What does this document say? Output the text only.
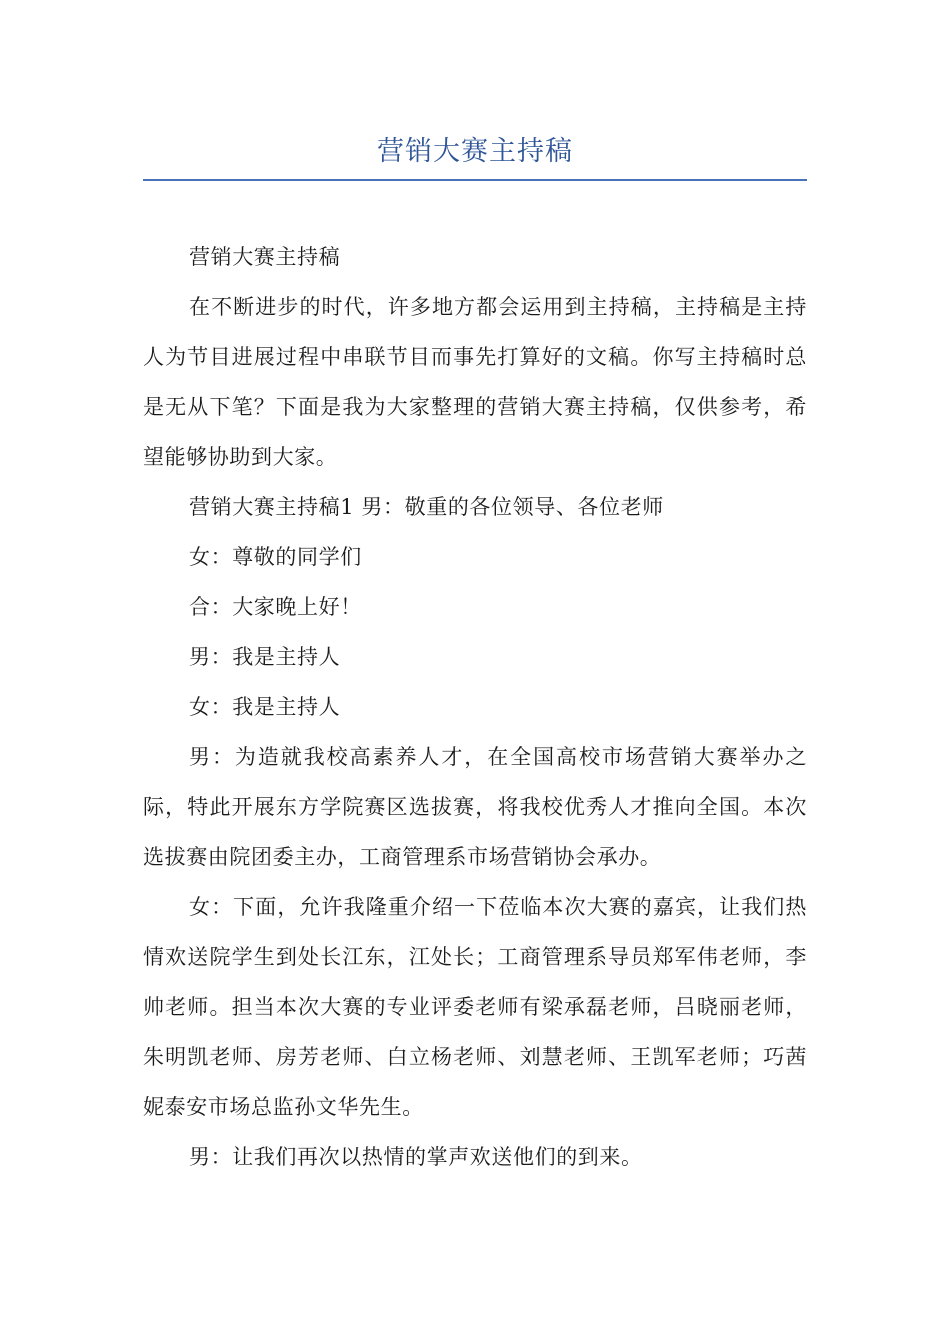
营销大赛主持稿

营销大赛主持稿

在不断进步的时代，许多地方都会运用到主持稿，主持稿是主持人为节目进展过程中串联节目而事先打算好的文稿。你写主持稿时总是无从下笔？下面是我为大家整理的营销大赛主持稿，仅供参考，希望能够协助到大家。

营销大赛主持稿1 男：敬重的各位领导、各位老师

女：尊敬的同学们

合：大家晚上好！

男：我是主持人

女：我是主持人

男：为造就我校高素养人才，在全国高校市场营销大赛举办之际，特此开展东方学院赛区选拔赛，将我校优秀人才推向全国。本次选拔赛由院团委主办，工商管理系市场营销协会承办。

女：下面，允许我隆重介绍一下莅临本次大赛的嘉宾，让我们热情欢送院学生到处长江东，江处长；工商管理系导员郑军伟老师，李帅老师。担当本次大赛的专业评委老师有梁承磊老师，吕晓丽老师，朱明凯老师、房芳老师、白立杨老师、刘慧老师、王凯军老师；巧茜妮泰安市场总监孙文华先生。

男：让我们再次以热情的掌声欢送他们的到来。
